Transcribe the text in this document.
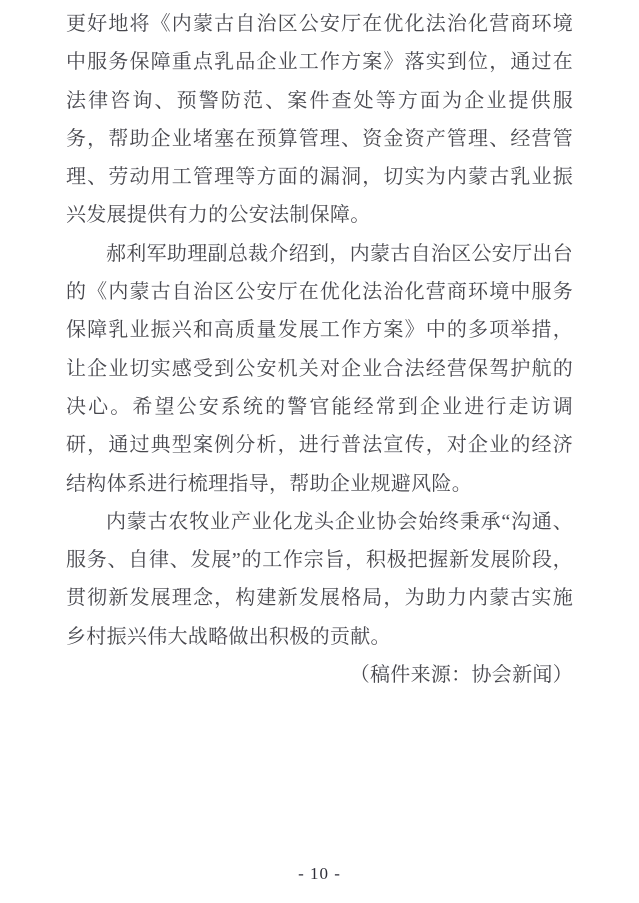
更好地将《内蒙古自治区公安厅在优化法治化营商环境中服务保障重点乳品企业工作方案》落实到位，通过在法律咨询、预警防范、案件查处等方面为企业提供服务，帮助企业堵塞在预算管理、资金资产管理、经营管理、劳动用工管理等方面的漏洞，切实为内蒙古乳业振兴发展提供有力的公安法制保障。

郝利军助理副总裁介绍到，内蒙古自治区公安厅出台的《内蒙古自治区公安厅在优化法治化营商环境中服务保障乳业振兴和高质量发展工作方案》中的多项举措，让企业切实感受到公安机关对企业合法经营保驾护航的决心。希望公安系统的警官能经常到企业进行走访调研，通过典型案例分析，进行普法宣传，对企业的经济结构体系进行梳理指导，帮助企业规避风险。

内蒙古农牧业产业化龙头企业协会始终秉承“沟通、服务、自律、发展”的工作宗旨，积极把握新发展阶段，贯彻新发展理念，构建新发展格局，为助力内蒙古实施乡村振兴伟大战略做出积极的贡献。

（稿件来源：协会新闻）

- 10 -
